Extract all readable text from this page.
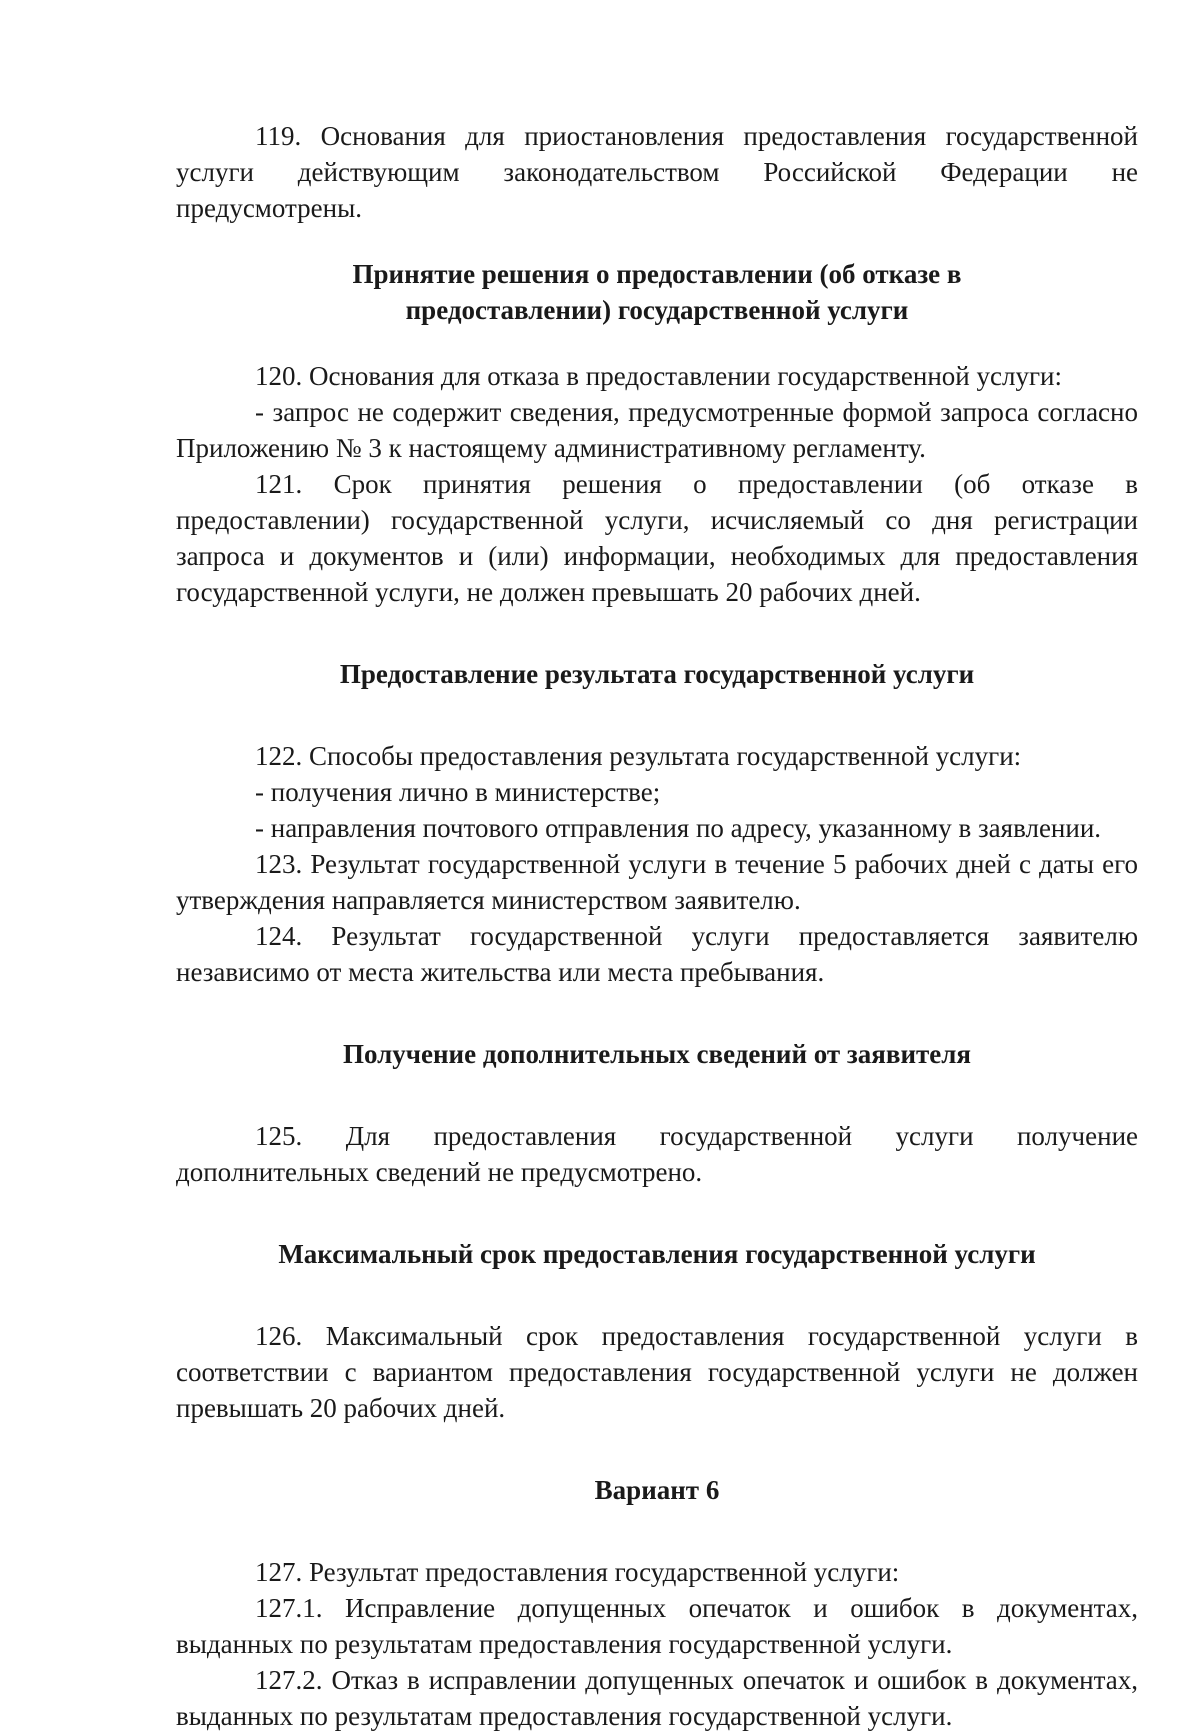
119. Основания для приостановления предоставления государственной услуги действующим законодательством Российской Федерации не предусмотрены.

Принятие решения о предоставлении (об отказе в предоставлении) государственной услуги

120. Основания для отказа в предоставлении государственной услуги:

- запрос не содержит сведения, предусмотренные формой запроса согласно Приложению № 3 к настоящему административному регламенту.

121. Срок принятия решения о предоставлении (об отказе в предоставлении) государственной услуги, исчисляемый со дня регистрации запроса и документов и (или) информации, необходимых для предоставления государственной услуги, не должен превышать 20 рабочих дней.

Предоставление результата государственной услуги

122. Способы предоставления результата государственной услуги:

- получения лично в министерстве;

- направления почтового отправления по адресу, указанному в заявлении.

123. Результат государственной услуги в течение 5 рабочих дней с даты его утверждения направляется министерством заявителю.

124. Результат государственной услуги предоставляется заявителю независимо от места жительства или места пребывания.

Получение дополнительных сведений от заявителя

125. Для предоставления государственной услуги получение дополнительных сведений не предусмотрено.

Максимальный срок предоставления государственной услуги

126. Максимальный срок предоставления государственной услуги в соответствии с вариантом предоставления государственной услуги не должен превышать 20 рабочих дней.

Вариант 6

127. Результат предоставления государственной услуги:

127.1. Исправление допущенных опечаток и ошибок в документах, выданных по результатам предоставления государственной услуги.

127.2. Отказ в исправлении допущенных опечаток и ошибок в документах, выданных по результатам предоставления государственной услуги.
